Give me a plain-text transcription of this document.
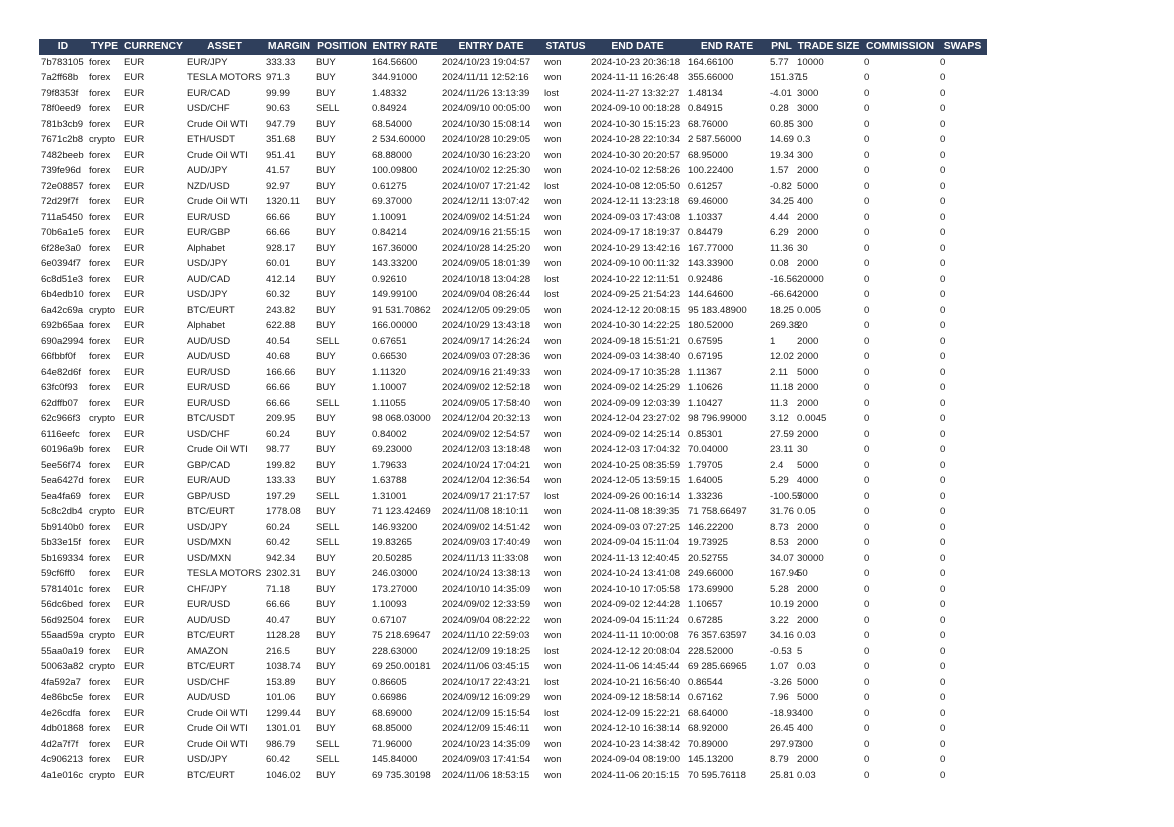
ID	TYPE	CURRENCY	ASSET	MARGIN	POSITION	ENTRY RATE	ENTRY DATE	STATUS	END DATE	END RATE	PNL	TRADE SIZE	COMMISSION	SWAPS
7b783105	forex	EUR	EUR/JPY	333.33	BUY	164.56600	2024/10/23 19:04:57	won	2024-10-23 20:36:18	164.66100	5.77	10000	0	0
7a2ff68b	forex	EUR	TESLA MOTORS	971.3	BUY	344.91000	2024/11/11 12:52:16	won	2024-11-11 16:26:48	355.66000	151.37	15	0	0
79f8353f	forex	EUR	EUR/CAD	99.99	BUY	1.48332	2024/11/26 13:13:39	lost	2024-11-27 13:32:27	1.48134	-4.01	3000	0	0
78f0eed9	forex	EUR	USD/CHF	90.63	SELL	0.84924	2024/09/10 00:05:00	won	2024-09-10 00:18:28	0.84915	0.28	3000	0	0
781b3cb9	forex	EUR	Crude Oil WTI	947.79	BUY	68.54000	2024/10/30 15:08:14	won	2024-10-30 15:15:23	68.76000	60.85	300	0	0
7671c2b8	crypto	EUR	ETH/USDT	351.68	BUY	2 534.60000	2024/10/28 10:29:05	won	2024-10-28 22:10:34	2 587.56000	14.69	0.3	0	0
7482beeb	forex	EUR	Crude Oil WTI	951.41	BUY	68.88000	2024/10/30 16:23:20	won	2024-10-30 20:20:57	68.95000	19.34	300	0	0
739fe96d	forex	EUR	AUD/JPY	41.57	BUY	100.09800	2024/10/02 12:25:30	won	2024-10-02 12:58:26	100.22400	1.57	2000	0	0
72e08857	forex	EUR	NZD/USD	92.97	BUY	0.61275	2024/10/07 17:21:42	lost	2024-10-08 12:05:50	0.61257	-0.82	5000	0	0
72d29f7f	forex	EUR	Crude Oil WTI	1320.11	BUY	69.37000	2024/12/11 13:07:42	won	2024-12-11 13:23:18	69.46000	34.25	400	0	0
711a5450	forex	EUR	EUR/USD	66.66	BUY	1.10091	2024/09/02 14:51:24	won	2024-09-03 17:43:08	1.10337	4.44	2000	0	0
70b6a1e5	forex	EUR	EUR/GBP	66.66	BUY	0.84214	2024/09/16 21:55:15	won	2024-09-17 18:19:37	0.84479	6.29	2000	0	0
6f28e3a0	forex	EUR	Alphabet	928.17	BUY	167.36000	2024/10/28 14:25:20	won	2024-10-29 13:42:16	167.77000	11.36	30	0	0
6e0394f7	forex	EUR	USD/JPY	60.01	BUY	143.33200	2024/09/05 18:01:39	won	2024-09-10 00:11:32	143.33900	0.08	2000	0	0
6c8d51e3	forex	EUR	AUD/CAD	412.14	BUY	0.92610	2024/10/18 13:04:28	lost	2024-10-22 12:11:51	0.92486	-16.56	20000	0	0
6b4edb10	forex	EUR	USD/JPY	60.32	BUY	149.99100	2024/09/04 08:26:44	lost	2024-09-25 21:54:23	144.64600	-66.64	2000	0	0
6a42c69a	crypto	EUR	BTC/EURT	243.82	BUY	91 531.70862	2024/12/05 09:29:05	won	2024-12-12 20:08:15	95 183.48900	18.25	0.005	0	0
692b65aa	forex	EUR	Alphabet	622.88	BUY	166.00000	2024/10/29 13:43:18	won	2024-10-30 14:22:25	180.52000	269.38	20	0	0
690a2994	forex	EUR	AUD/USD	40.54	SELL	0.67651	2024/09/17 14:26:24	won	2024-09-18 15:51:21	0.67595	1	2000	0	0
66fbbf0f	forex	EUR	AUD/USD	40.68	BUY	0.66530	2024/09/03 07:28:36	won	2024-09-03 14:38:40	0.67195	12.02	2000	0	0
64e82d6f	forex	EUR	EUR/USD	166.66	BUY	1.11320	2024/09/16 21:49:33	won	2024-09-17 10:35:28	1.11367	2.11	5000	0	0
63fc0f93	forex	EUR	EUR/USD	66.66	BUY	1.10007	2024/09/02 12:52:18	won	2024-09-02 14:25:29	1.10626	11.18	2000	0	0
62dffb07	forex	EUR	EUR/USD	66.66	SELL	1.11055	2024/09/05 17:58:40	won	2024-09-09 12:03:39	1.10427	11.3	2000	0	0
62c966f3	crypto	EUR	BTC/USDT	209.95	BUY	98 068.03000	2024/12/04 20:32:13	won	2024-12-04 23:27:02	98 796.99000	3.12	0.0045	0	0
6116eefc	forex	EUR	USD/CHF	60.24	BUY	0.84002	2024/09/02 12:54:57	won	2024-09-02 14:25:14	0.85301	27.59	2000	0	0
60196a9b	forex	EUR	Crude Oil WTI	98.77	BUY	69.23000	2024/12/03 13:18:48	won	2024-12-03 17:04:32	70.04000	23.11	30	0	0
5ee56f74	forex	EUR	GBP/CAD	199.82	BUY	1.79633	2024/10/24 17:04:21	won	2024-10-25 08:35:59	1.79705	2.4	5000	0	0
5ea6427d	forex	EUR	EUR/AUD	133.33	BUY	1.63788	2024/12/04 12:36:54	won	2024-12-05 13:59:15	1.64005	5.29	4000	0	0
5ea4fa69	forex	EUR	GBP/USD	197.29	SELL	1.31001	2024/09/17 21:17:57	lost	2024-09-26 00:16:14	1.33236	-100.57	5000	0	0
5c8c2db4	crypto	EUR	BTC/EURT	1778.08	BUY	71 123.42469	2024/11/08 18:10:11	won	2024-11-08 18:39:35	71 758.66497	31.76	0.05	0	0
5b9140b0	forex	EUR	USD/JPY	60.24	SELL	146.93200	2024/09/02 14:51:42	won	2024-09-03 07:27:25	146.22200	8.73	2000	0	0
5b33e15f	forex	EUR	USD/MXN	60.42	SELL	19.83265	2024/09/03 17:40:49	won	2024-09-04 15:11:04	19.73925	8.53	2000	0	0
5b169334	forex	EUR	USD/MXN	942.34	BUY	20.50285	2024/11/13 11:33:08	won	2024-11-13 12:40:45	20.52755	34.07	30000	0	0
59cf6ff0	forex	EUR	TESLA MOTORS	2302.31	BUY	246.03000	2024/10/24 13:38:13	won	2024-10-24 13:41:08	249.66000	167.94	50	0	0
5781401c	forex	EUR	CHF/JPY	71.18	BUY	173.27000	2024/10/10 14:35:09	won	2024-10-10 17:05:58	173.69900	5.28	2000	0	0
56dc6bed	forex	EUR	EUR/USD	66.66	BUY	1.10093	2024/09/02 12:33:59	won	2024-09-02 12:44:28	1.10657	10.19	2000	0	0
56d92504	forex	EUR	AUD/USD	40.47	BUY	0.67107	2024/09/04 08:22:22	won	2024-09-04 15:11:24	0.67285	3.22	2000	0	0
55aad59a	crypto	EUR	BTC/EURT	1128.28	BUY	75 218.69647	2024/11/10 22:59:03	won	2024-11-11 10:00:08	76 357.63597	34.16	0.03	0	0
55aa0a19	forex	EUR	AMAZON	216.5	BUY	228.63000	2024/12/09 19:18:25	lost	2024-12-12 20:08:04	228.52000	-0.53	5	0	0
50063a82	crypto	EUR	BTC/EURT	1038.74	BUY	69 250.00181	2024/11/06 03:45:15	won	2024-11-06 14:45:44	69 285.66965	1.07	0.03	0	0
4fa592a7	forex	EUR	USD/CHF	153.89	BUY	0.86605	2024/10/17 22:43:21	lost	2024-10-21 16:56:40	0.86544	-3.26	5000	0	0
4e86bc5e	forex	EUR	AUD/USD	101.06	BUY	0.66986	2024/09/12 16:09:29	won	2024-09-12 18:58:14	0.67162	7.96	5000	0	0
4e26cdfa	forex	EUR	Crude Oil WTI	1299.44	BUY	68.69000	2024/12/09 15:15:54	lost	2024-12-09 15:22:21	68.64000	-18.93	400	0	0
4db01868	forex	EUR	Crude Oil WTI	1301.01	BUY	68.85000	2024/12/09 15:46:11	won	2024-12-10 16:38:14	68.92000	26.45	400	0	0
4d2a7f7f	forex	EUR	Crude Oil WTI	986.79	SELL	71.96000	2024/10/23 14:35:09	won	2024-10-23 14:38:42	70.89000	297.97	300	0	0
4c906213	forex	EUR	USD/JPY	60.42	SELL	145.84000	2024/09/03 17:41:54	won	2024-09-04 08:19:00	145.13200	8.79	2000	0	0
4a1e016c	crypto	EUR	BTC/EURT	1046.02	BUY	69 735.30198	2024/11/06 18:53:15	won	2024-11-06 20:15:15	70 595.76118	25.81	0.03	0	0
